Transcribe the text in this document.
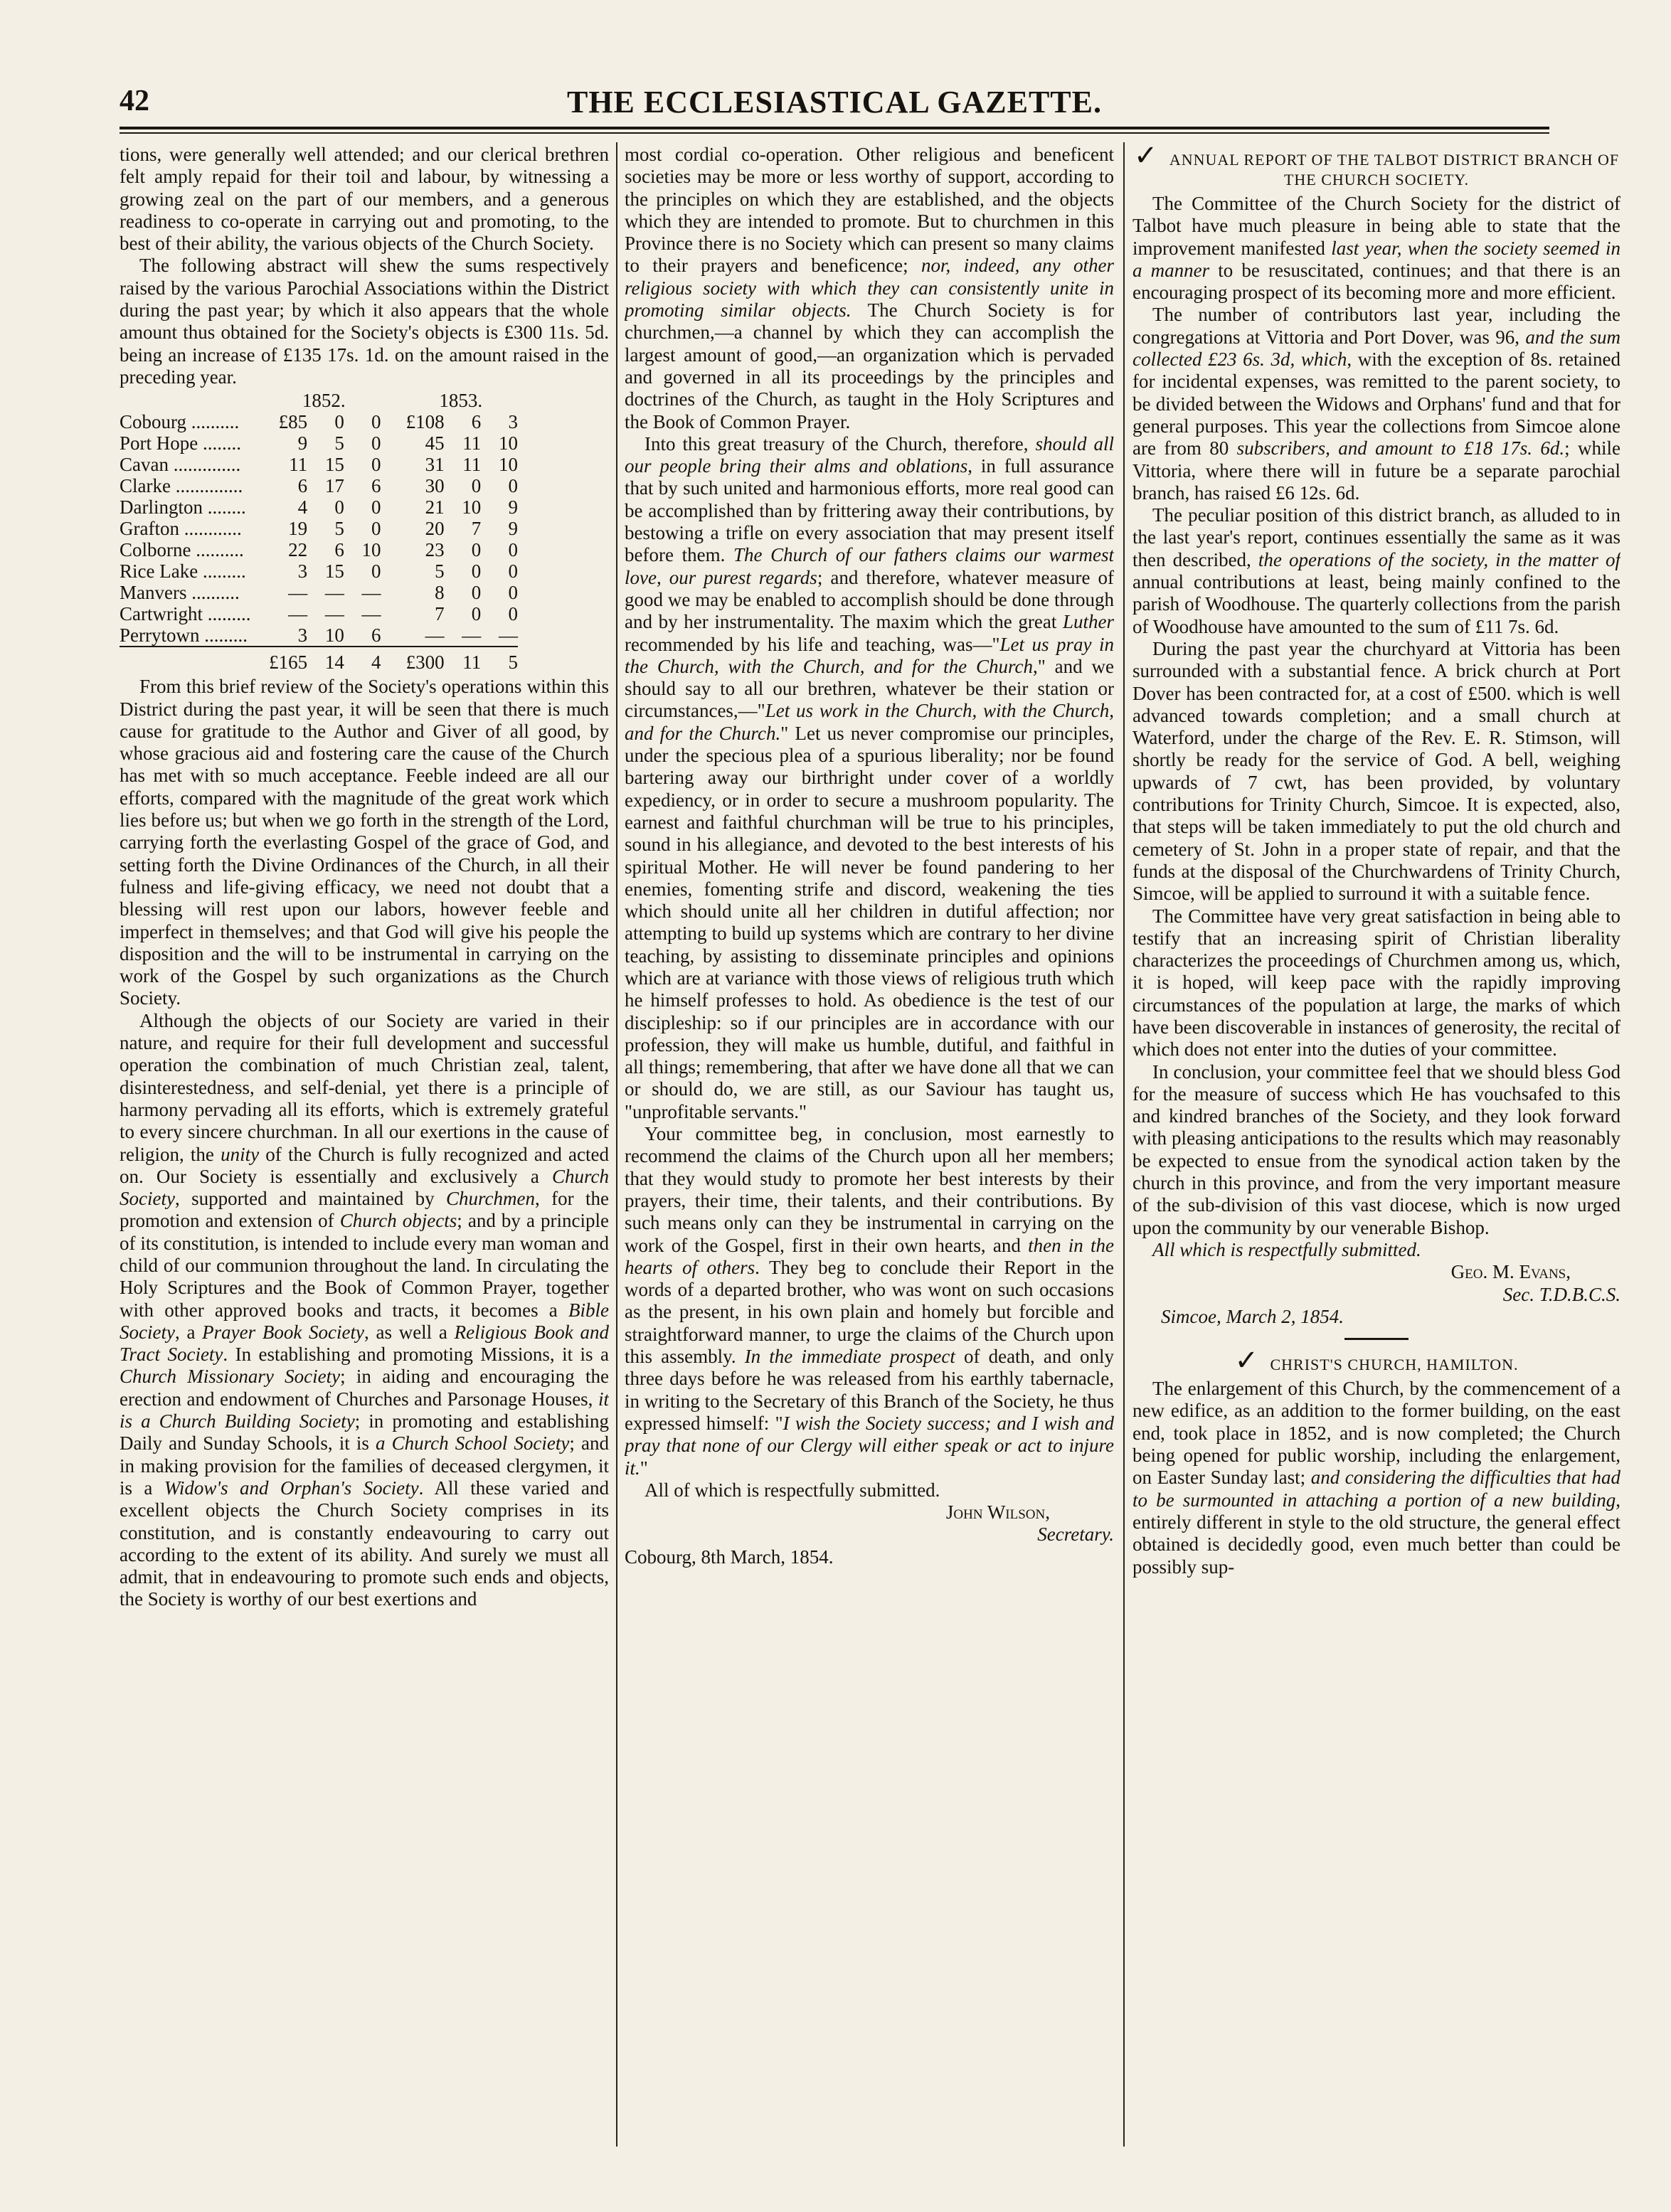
42	THE ECCLESIASTICAL GAZETTE.

tions, were generally well attended; and our clerical brethren felt amply repaid for their toil and labour, by witnessing a growing zeal on the part of our members, and a generous readiness to co-operate in carrying out and promoting, to the best of their ability, the various objects of the Church Society.

The following abstract will shew the sums respectively raised by the various Parochial Associations within the District during the past year; by which it also appears that the whole amount thus obtained for the Society's objects is £300 11s. 5d. being an increase of £135 17s. 1d. on the amount raised in the preceding year.

	1852.				1853.		
Cobourg ..........	£85	0	0		£108	6	3
Port Hope ........	9	5	0		45	11	10
Cavan ..............	11	15	0		31	11	10
Clarke ..............	6	17	6		30	0	0
Darlington ........	4	0	0		21	10	9
Grafton ............	19	5	0		20	7	9
Colborne ..........	22	6	10		23	0	0
Rice Lake .........	3	15	0		5	0	0
Manvers ..........	—	—	—		8	0	0
Cartwright .........	—	—	—		7	0	0
Perrytown .........	3	10	6		—	—	—
	£165	14	4		£300	11	5

From this brief review of the Society's operations within this District during the past year, it will be seen that there is much cause for gratitude to the Author and Giver of all good, by whose gracious aid and fostering care the cause of the Church has met with so much acceptance. Feeble indeed are all our efforts, compared with the magnitude of the great work which lies before us; but when we go forth in the strength of the Lord, carrying forth the everlasting Gospel of the grace of God, and setting forth the Divine Ordinances of the Church, in all their fulness and life-giving efficacy, we need not doubt that a blessing will rest upon our labors, however feeble and imperfect in themselves; and that God will give his people the disposition and the will to be instrumental in carrying on the work of the Gospel by such organizations as the Church Society.

Although the objects of our Society are varied in their nature, and require for their full development and successful operation the combination of much Christian zeal, talent, disinterestedness, and self-denial, yet there is a principle of harmony pervading all its efforts, which is extremely grateful to every sincere churchman. In all our exertions in the cause of religion, the unity of the Church is fully recognized and acted on. Our Society is essentially and exclusively a Church Society, supported and maintained by Churchmen, for the promotion and extension of Church objects; and by a principle of its constitution, is intended to include every man woman and child of our communion throughout the land. In circulating the Holy Scriptures and the Book of Common Prayer, together with other approved books and tracts, it becomes a Bible Society, a Prayer Book Society, as well a Religious Book and Tract Society. In establishing and promoting Missions, it is a Church Missionary Society; in aiding and encouraging the erection and endowment of Churches and Parsonage Houses, it is a Church Building Society; in promoting and establishing Daily and Sunday Schools, it is a Church School Society; and in making provision for the families of deceased clergymen, it is a Widow's and Orphan's Society. All these varied and excellent objects the Church Society comprises in its constitution, and is constantly endeavouring to carry out according to the extent of its ability. And surely we must all admit, that in endeavouring to promote such ends and objects, the Society is worthy of our best exertions and

most cordial co-operation. Other religious and beneficent societies may be more or less worthy of support, according to the principles on which they are established, and the objects which they are intended to promote. But to churchmen in this Province there is no Society which can present so many claims to their prayers and beneficence; nor, indeed, any other religious society with which they can consistently unite in promoting similar objects. The Church Society is for churchmen,—a channel by which they can accomplish the largest amount of good,—an organization which is pervaded and governed in all its proceedings by the principles and doctrines of the Church, as taught in the Holy Scriptures and the Book of Common Prayer.

Into this great treasury of the Church, therefore, should all our people bring their alms and oblations, in full assurance that by such united and harmonious efforts, more real good can be accomplished than by frittering away their contributions, by bestowing a trifle on every association that may present itself before them. The Church of our fathers claims our warmest love, our purest regards; and therefore, whatever measure of good we may be enabled to accomplish should be done through and by her instrumentality. The maxim which the great Luther recommended by his life and teaching, was—"Let us pray in the Church, with the Church, and for the Church," and we should say to all our brethren, whatever be their station or circumstances,—"Let us work in the Church, with the Church, and for the Church." Let us never compromise our principles, under the specious plea of a spurious liberality; nor be found bartering away our birthright under cover of a worldly expediency, or in order to secure a mushroom popularity. The earnest and faithful churchman will be true to his principles, sound in his allegiance, and devoted to the best interests of his spiritual Mother. He will never be found pandering to her enemies, fomenting strife and discord, weakening the ties which should unite all her children in dutiful affection; nor attempting to build up systems which are contrary to her divine teaching, by assisting to disseminate principles and opinions which are at variance with those views of religious truth which he himself professes to hold. As obedience is the test of our discipleship: so if our principles are in accordance with our profession, they will make us humble, dutiful, and faithful in all things; remembering, that after we have done all that we can or should do, we are still, as our Saviour has taught us, "unprofitable servants."

Your committee beg, in conclusion, most earnestly to recommend the claims of the Church upon all her members; that they would study to promote her best interests by their prayers, their time, their talents, and their contributions. By such means only can they be instrumental in carrying on the work of the Gospel, first in their own hearts, and then in the hearts of others. They beg to conclude their Report in the words of a departed brother, who was wont on such occasions as the present, in his own plain and homely but forcible and straightforward manner, to urge the claims of the Church upon this assembly. In the immediate prospect of death, and only three days before he was released from his earthly tabernacle, in writing to the Secretary of this Branch of the Society, he thus expressed himself: "I wish the Society success; and I wish and pray that none of our Clergy will either speak or act to injure it."

All of which is respectfully submitted.

John Wilson,

Secretary.

Cobourg, 8th March, 1854.

✓ ANNUAL REPORT OF THE TALBOT DISTRICT BRANCH OF THE CHURCH SOCIETY.

The Committee of the Church Society for the district of Talbot have much pleasure in being able to state that the improvement manifested last year, when the society seemed in a manner to be resuscitated, continues; and that there is an encouraging prospect of its becoming more and more efficient.

The number of contributors last year, including the congregations at Vittoria and Port Dover, was 96, and the sum collected £23 6s. 3d, which, with the exception of 8s. retained for incidental expenses, was remitted to the parent society, to be divided between the Widows and Orphans' fund and that for general purposes. This year the collections from Simcoe alone are from 80 subscribers, and amount to £18 17s. 6d.; while Vittoria, where there will in future be a separate parochial branch, has raised £6 12s. 6d.

The peculiar position of this district branch, as alluded to in the last year's report, continues essentially the same as it was then described, the operations of the society, in the matter of annual contributions at least, being mainly confined to the parish of Woodhouse. The quarterly collections from the parish of Woodhouse have amounted to the sum of £11 7s. 6d.

During the past year the churchyard at Vittoria has been surrounded with a substantial fence. A brick church at Port Dover has been contracted for, at a cost of £500. which is well advanced towards completion; and a small church at Waterford, under the charge of the Rev. E. R. Stimson, will shortly be ready for the service of God. A bell, weighing upwards of 7 cwt, has been provided, by voluntary contributions for Trinity Church, Simcoe. It is expected, also, that steps will be taken immediately to put the old church and cemetery of St. John in a proper state of repair, and that the funds at the disposal of the Churchwardens of Trinity Church, Simcoe, will be applied to surround it with a suitable fence.

The Committee have very great satisfaction in being able to testify that an increasing spirit of Christian liberality characterizes the proceedings of Churchmen among us, which, it is hoped, will keep pace with the rapidly improving circumstances of the population at large, the marks of which have been discoverable in instances of generosity, the recital of which does not enter into the duties of your committee.

In conclusion, your committee feel that we should bless God for the measure of success which He has vouchsafed to this and kindred branches of the Society, and they look forward with pleasing anticipations to the results which may reasonably be expected to ensue from the synodical action taken by the church in this province, and from the very important measure of the sub-division of this vast diocese, which is now urged upon the community by our venerable Bishop.

All which is respectfully submitted.

Geo. M. Evans,

Sec. T.D.B.C.S.

Simcoe, March 2, 1854.

✓ CHRIST'S CHURCH, HAMILTON.

The enlargement of this Church, by the commencement of a new edifice, as an addition to the former building, on the east end, took place in 1852, and is now completed; the Church being opened for public worship, including the enlargement, on Easter Sunday last; and considering the difficulties that had to be surmounted in attaching a portion of a new building, entirely different in style to the old structure, the general effect obtained is decidedly good, even much better than could be possibly sup-
